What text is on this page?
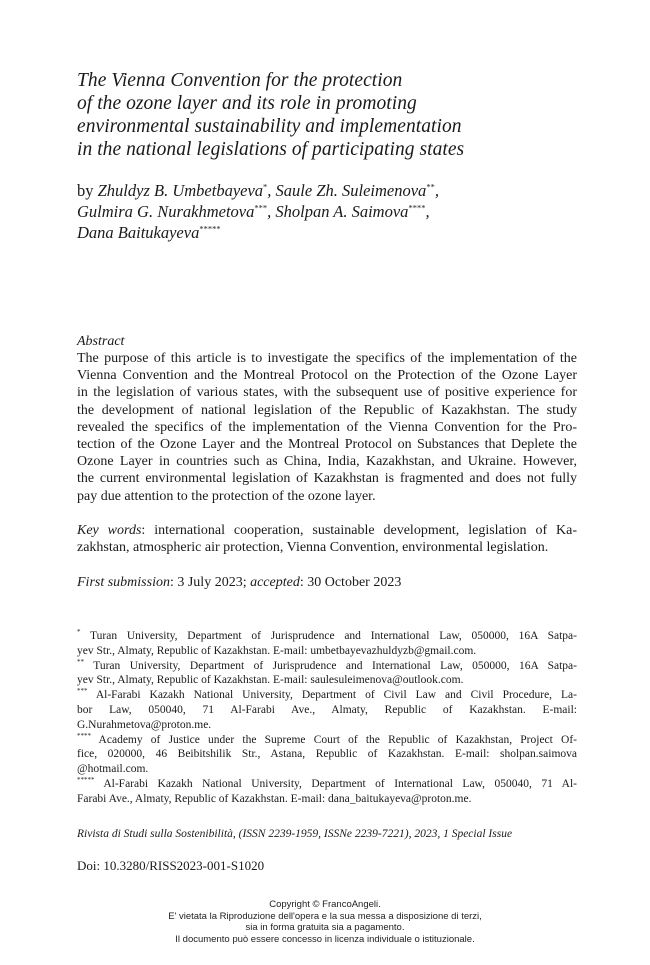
The Vienna Convention for the protection
of the ozone layer and its role in promoting
environmental sustainability and implementation
in the national legislations of participating states
by Zhuldyz B. Umbetbayeva*, Saule Zh. Suleimenova**,
Gulmira G. Nurakhmetova***, Sholpan A. Saimova****,
Dana Baitukayeva*****
Abstract
The purpose of this article is to investigate the specifics of the implementation of the
Vienna Convention and the Montreal Protocol on the Protection of the Ozone Layer
in the legislation of various states, with the subsequent use of positive experience for
the development of national legislation of the Republic of Kazakhstan. The study
revealed the specifics of the implementation of the Vienna Convention for the Pro-
tection of the Ozone Layer and the Montreal Protocol on Substances that Deplete the
Ozone Layer in countries such as China, India, Kazakhstan, and Ukraine. However,
the current environmental legislation of Kazakhstan is fragmented and does not fully
pay due attention to the protection of the ozone layer.
Key words: international cooperation, sustainable development, legislation of Ka-
zakhstan, atmospheric air protection, Vienna Convention, environmental legislation.
First submission: 3 July 2023; accepted: 30 October 2023
* Turan University, Department of Jurisprudence and International Law, 050000, 16A Satpa-
yev Str., Almaty, Republic of Kazakhstan. E-mail: umbetbayevazhuldyzb@gmail.com.
** Turan University, Department of Jurisprudence and International Law, 050000, 16A Satpa-
yev Str., Almaty, Republic of Kazakhstan. E-mail: saulesuleimenova@outlook.com.
*** Al-Farabi Kazakh National University, Department of Civil Law and Civil Procedure, La-
bor Law, 050040, 71 Al-Farabi Ave., Almaty, Republic of Kazakhstan. E-mail:
G.Nurahmetova@proton.me.
**** Academy of Justice under the Supreme Court of the Republic of Kazakhstan, Project Of-
fice, 020000, 46 Beibitshilik Str., Astana, Republic of Kazakhstan. E-mail: sholpan.saimova
@hotmail.com.
***** Al-Farabi Kazakh National University, Department of International Law, 050040, 71 Al-
Farabi Ave., Almaty, Republic of Kazakhstan. E-mail: dana_baitukayeva@proton.me.
Rivista di Studi sulla Sostenibilità, (ISSN 2239-1959, ISSNe 2239-7221), 2023, 1 Special Issue
Doi: 10.3280/RISS2023-001-S1020
Copyright © FrancoAngeli.
E' vietata la Riproduzione dell'opera e la sua messa a disposizione di terzi,
sia in forma gratuita sia a pagamento.
Il documento può essere concesso in licenza individuale o istituzionale.
